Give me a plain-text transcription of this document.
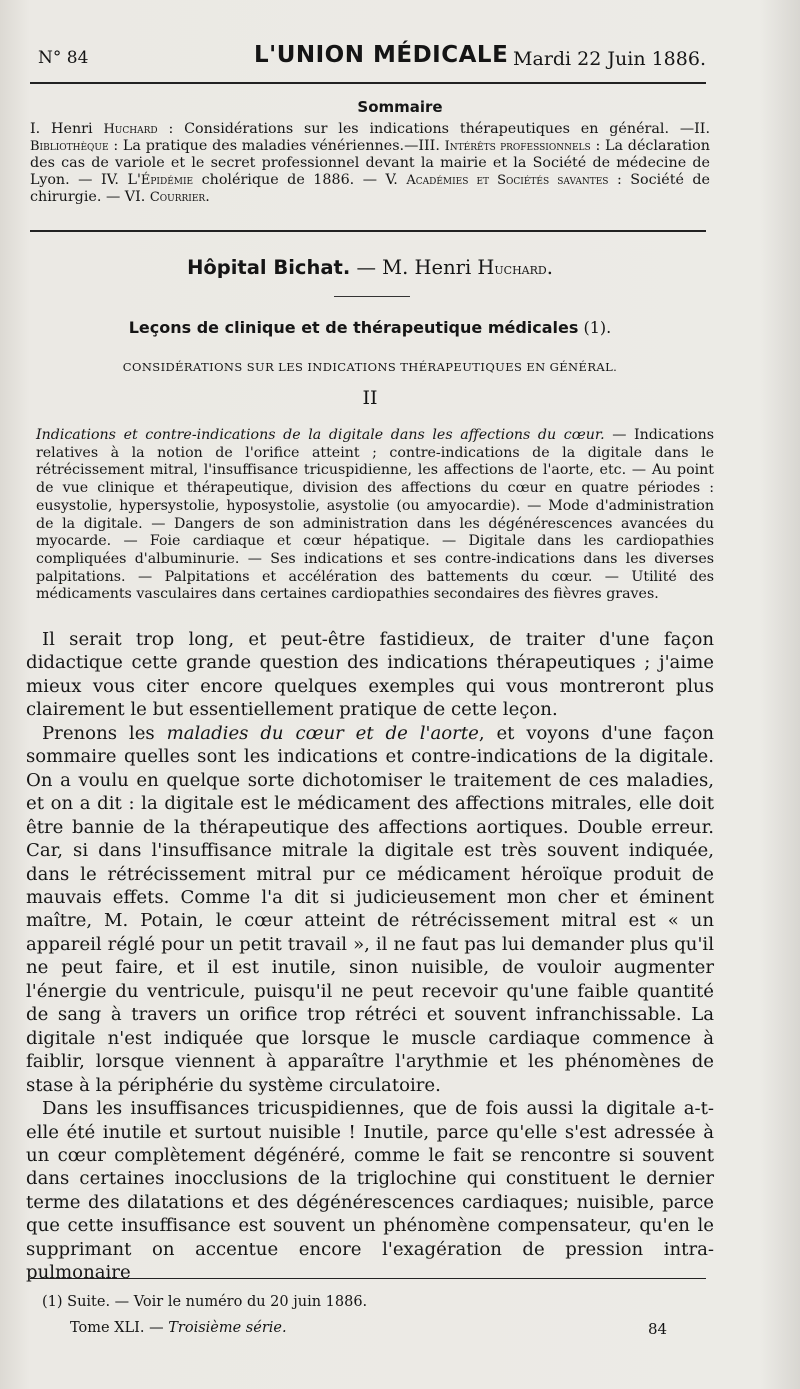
N° 84	L'UNION MÉDICALE Mardi 22 Juin 1886.
Sommaire
I. Henri Huchard : Considérations sur les indications thérapeutiques en général. —II. Bibliothèque : La pratique des maladies vénériennes.—III. Intérêts professionnels : La déclaration des cas de variole et le secret professionnel devant la mairie et la Société de médecine de Lyon. — IV. L'Épidémie cholérique de 1886. — V. Académies et Sociétés savantes : Société de chirurgie. — VI. Courrier.
Hôpital Bichat. — M. Henri Huchard.
Leçons de clinique et de thérapeutique médicales (1).
CONSIDÉRATIONS SUR LES INDICATIONS THÉRAPEUTIQUES EN GÉNÉRAL.
II
Indications et contre-indications de la digitale dans les affections du cœur. — Indications relatives à la notion de l'orifice atteint ; contre-indications de la digitale dans le rétrécissement mitral, l'insuffisance tricuspidienne, les affections de l'aorte, etc. — Au point de vue clinique et thérapeutique, division des affections du cœur en quatre périodes : eusystolie, hypersystolie, hyposystolie, asystolie (ou amyocardie). — Mode d'administration de la digitale. — Dangers de son administration dans les dégénérescences avancées du myocarde. — Foie cardiaque et cœur hépatique. — Digitale dans les cardiopathies compliquées d'albuminurie. — Ses indications et ses contre-indications dans les diverses palpitations. — Palpitations et accélération des battements du cœur. — Utilité des médicaments vasculaires dans certaines cardiopathies secondaires des fièvres graves.

Il serait trop long, et peut-être fastidieux, de traiter d'une façon didactique cette grande question des indications thérapeutiques ; j'aime mieux vous citer encore quelques exemples qui vous montreront plus clairement le but essentiellement pratique de cette leçon.

Prenons les maladies du cœur et de l'aorte, et voyons d'une façon sommaire quelles sont les indications et contre-indications de la digitale. On a voulu en quelque sorte dichotomiser le traitement de ces maladies, et on a dit : la digitale est le médicament des affections mitrales, elle doit être bannie de la thérapeutique des affections aortiques. Double erreur. Car, si dans l'insuffisance mitrale la digitale est très souvent indiquée, dans le rétrécissement mitral pur ce médicament héroïque produit de mauvais effets. Comme l'a dit si judicieusement mon cher et éminent maître, M. Potain, le cœur atteint de rétrécissement mitral est « un appareil réglé pour un petit travail », il ne faut pas lui demander plus qu'il ne peut faire, et il est inutile, sinon nuisible, de vouloir augmenter l'énergie du ventricule, puisqu'il ne peut recevoir qu'une faible quantité de sang à travers un orifice trop rétréci et souvent infranchissable. La digitale n'est indiquée que lorsque le muscle cardiaque commence à faiblir, lorsque viennent à apparaître l'arythmie et les phénomènes de stase à la périphérie du système circulatoire.

Dans les insuffisances tricuspidiennes, que de fois aussi la digitale a-t-elle été inutile et surtout nuisible ! Inutile, parce qu'elle s'est adressée à un cœur complètement dégénéré, comme le fait se rencontre si souvent dans certaines inocclusions de la triglochine qui constituent le dernier terme des dilatations et des dégénérescences cardiaques; nuisible, parce que cette insuffisance est souvent un phénomène compensateur, qu'en le supprimant on accentue encore l'exagération de pression intra-pulmonaire

(1) Suite. — Voir le numéro du 20 juin 1886.
Tome XLI. — Troisième série.	84
